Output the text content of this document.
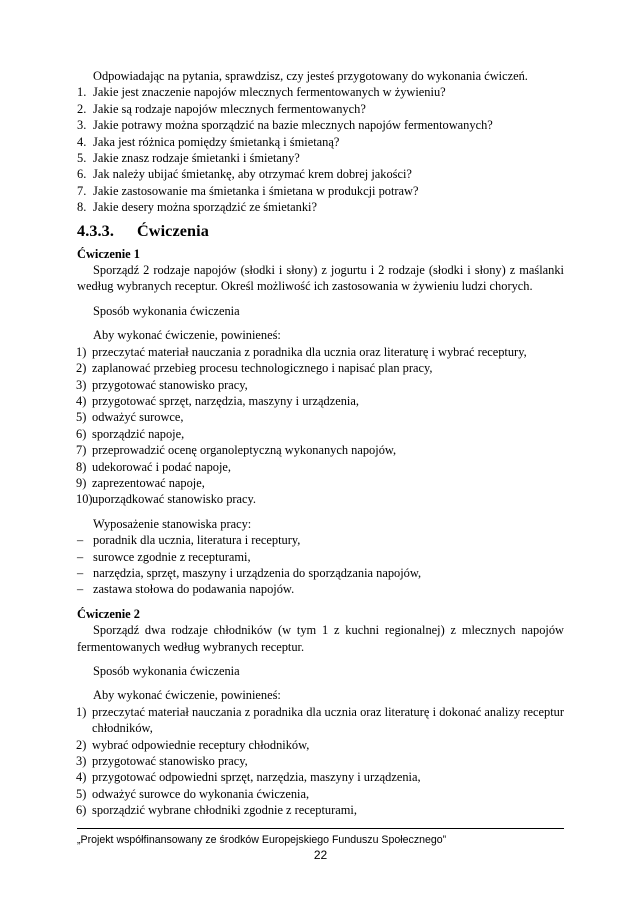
Odpowiadając na pytania, sprawdzisz, czy jesteś przygotowany do wykonania ćwiczeń.
1. Jakie jest znaczenie napojów mlecznych fermentowanych w żywieniu?
2. Jakie są rodzaje napojów mlecznych fermentowanych?
3. Jakie potrawy można sporządzić na bazie mlecznych napojów fermentowanych?
4. Jaka jest różnica pomiędzy śmietanką i śmietaną?
5. Jakie znasz rodzaje śmietanki i śmietany?
6. Jak należy ubijać śmietankę, aby otrzymać krem dobrej jakości?
7. Jakie zastosowanie ma śmietanka i śmietana w produkcji potraw?
8. Jakie desery można sporządzić ze śmietanki?
4.3.3. Ćwiczenia
Ćwiczenie 1
Sporządź 2 rodzaje napojów (słodki i słony) z jogurtu i 2 rodzaje (słodki i słony) z maślanki według wybranych receptur. Określ możliwość ich zastosowania w żywieniu ludzi chorych.
Sposób wykonania ćwiczenia
Aby wykonać ćwiczenie, powinieneś:
1) przeczytać materiał nauczania z poradnika dla ucznia oraz literaturę i wybrać receptury,
2) zaplanować przebieg procesu technologicznego i napisać plan pracy,
3) przygotować stanowisko pracy,
4) przygotować sprzęt, narzędzia, maszyny i urządzenia,
5) odważyć surowce,
6) sporządzić napoje,
7) przeprowadzić ocenę organoleptyczną wykonanych napojów,
8) udekorować i podać napoje,
9) zaprezentować napoje,
10) uporządkować stanowisko pracy.
Wyposażenie stanowiska pracy:
– poradnik dla ucznia, literatura i receptury,
– surowce zgodnie z recepturami,
– narzędzia, sprzęt, maszyny i urządzenia do sporządzania napojów,
– zastawa stołowa do podawania napojów.
Ćwiczenie 2
Sporządź dwa rodzaje chłodników (w tym 1 z kuchni regionalnej) z mlecznych napojów fermentowanych według wybranych receptur.
Sposób wykonania ćwiczenia
Aby wykonać ćwiczenie, powinieneś:
1) przeczytać materiał nauczania z poradnika dla ucznia oraz literaturę i dokonać analizy receptur chłodników,
2) wybrać odpowiednie receptury chłodników,
3) przygotować stanowisko pracy,
4) przygotować odpowiedni sprzęt, narzędzia, maszyny i urządzenia,
5) odważyć surowce do wykonania ćwiczenia,
6) sporządzić wybrane chłodniki zgodnie z recepturami,
„Projekt współfinansowany ze środków Europejskiego Funduszu Społecznego”
22
